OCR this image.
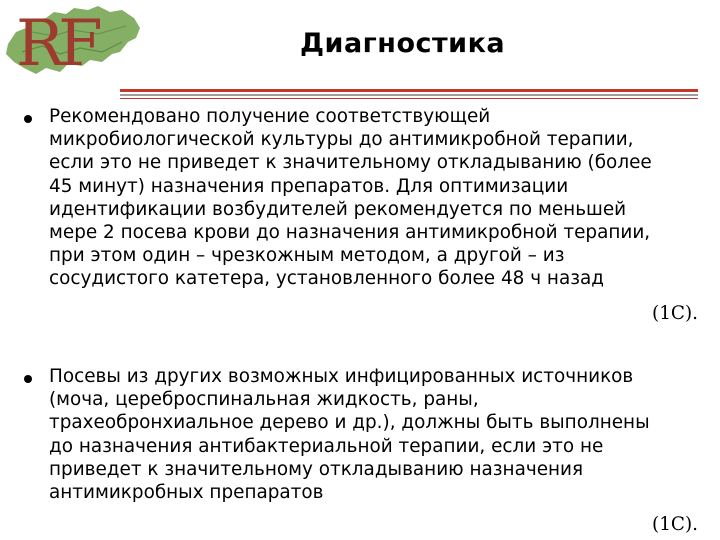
RF	Диагностика
Рекомендовано получение соответствующей
микробиологической культуры до антимикробной терапии,
если это не приведет к значительному откладыванию (более
45 минут) назначения препаратов. Для оптимизации
идентификации возбудителей рекомендуется по меньшей
мере 2 посева крови до назначения антимикробной терапии,
при этом один – чрезкожным методом, а другой – из
сосудистого катетера, установленного более 48 ч назад
(1С).
Посевы из других возможных инфицированных источников
(моча, цереброспинальная жидкость, раны,
трахеобронхиальное дерево и др.), должны быть выполнены
до назначения антибактериальной терапии, если это не
приведет к значительному откладыванию назначения
антимикробных препаратов
(1С).
